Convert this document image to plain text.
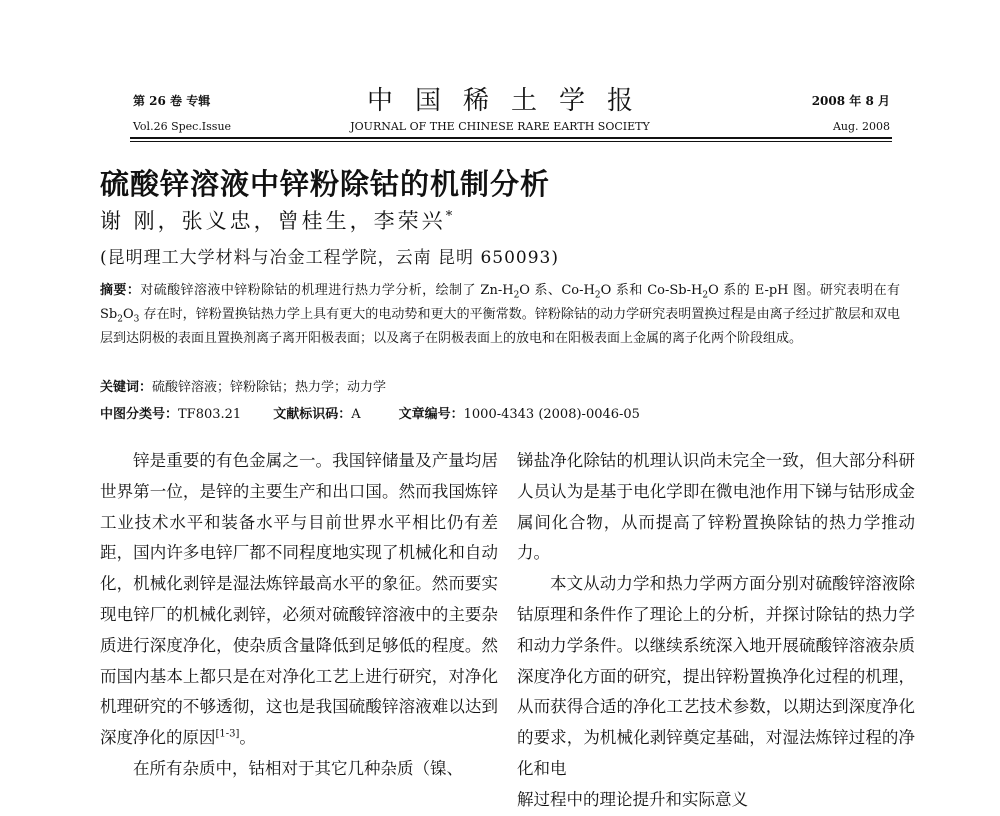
第 26 卷 专辑
Vol.26 Spec.Issue
中国稀土学报
JOURNAL OF THE CHINESE RARE EARTH SOCIETY
2008 年 8 月
Aug. 2008
硫酸锌溶液中锌粉除钴的机制分析
谢 刚，张义忠，曾桂生，李荣兴*
(昆明理工大学材料与冶金工程学院，云南 昆明 650093)
摘要：对硫酸锌溶液中锌粉除钴的机理进行热力学分析，绘制了 $Zn-H_2O$ 系、$Co-H_2O$ 系和 $Co-Sb-H_2O$ 系的 E-pH 图。研究表明在有 $Sb_2O_3$ 存在时，锌粉置换钴热力学上具有更大的电动势和更大的平衡常数。锌粉除钴的动力学研究表明置换过程是由离子经过扩散层和双电层到达阴极的表面且置换剂离子离开阳极表面；以及离子在阴极表面上的放电和在阳极表面上金属的离子化两个阶段组成。
关键词：硫酸锌溶液；锌粉除钴；热力学；动力学
中图分类号：TF803.21 文献标识码：A	文章编号：1000-4343 (2008)-0046-05

锌是重要的有色金属之一。我国锌储量及产量均居世界第一位，是锌的主要生产和出口国。然而我国炼锌工业技术水平和装备水平与目前世界水平相比仍有差距，国内许多电锌厂都不同程度地实现了机械化和自动化，机械化剥锌是湿法炼锌最高水平的象征。然而要实现电锌厂的机械化剥锌，必须对硫酸锌溶液中的主要杂质进行深度净化，使杂质含量降低到足够低的程度。然而国内基本上都只是在对净化工艺上进行研究，对净化机理研究的不够透彻，这也是我国硫酸锌溶液难以达到深度净化的原因[1-3]。

在所有杂质中，钴相对于其它几种杂质（镍、

锑盐净化除钴的机理认识尚未完全一致，但大部分科研人员认为是基于电化学即在微电池作用下锑与钴形成金属间化合物，从而提高了锌粉置换除钴的热力学推动力。

本文从动力学和热力学两方面分别对硫酸锌溶液除钴原理和条件作了理论上的分析，并探讨除钴的热力学和动力学条件。以继续系统深入地开展硫酸锌溶液杂质深度净化方面的研究，提出锌粉置换净化过程的机理，从而获得合适的净化工艺技术参数，以期达到深度净化的要求，为机械化剥锌奠定基础，对湿法炼锌过程的净化和电

解过程中的理论提升和实际意义
